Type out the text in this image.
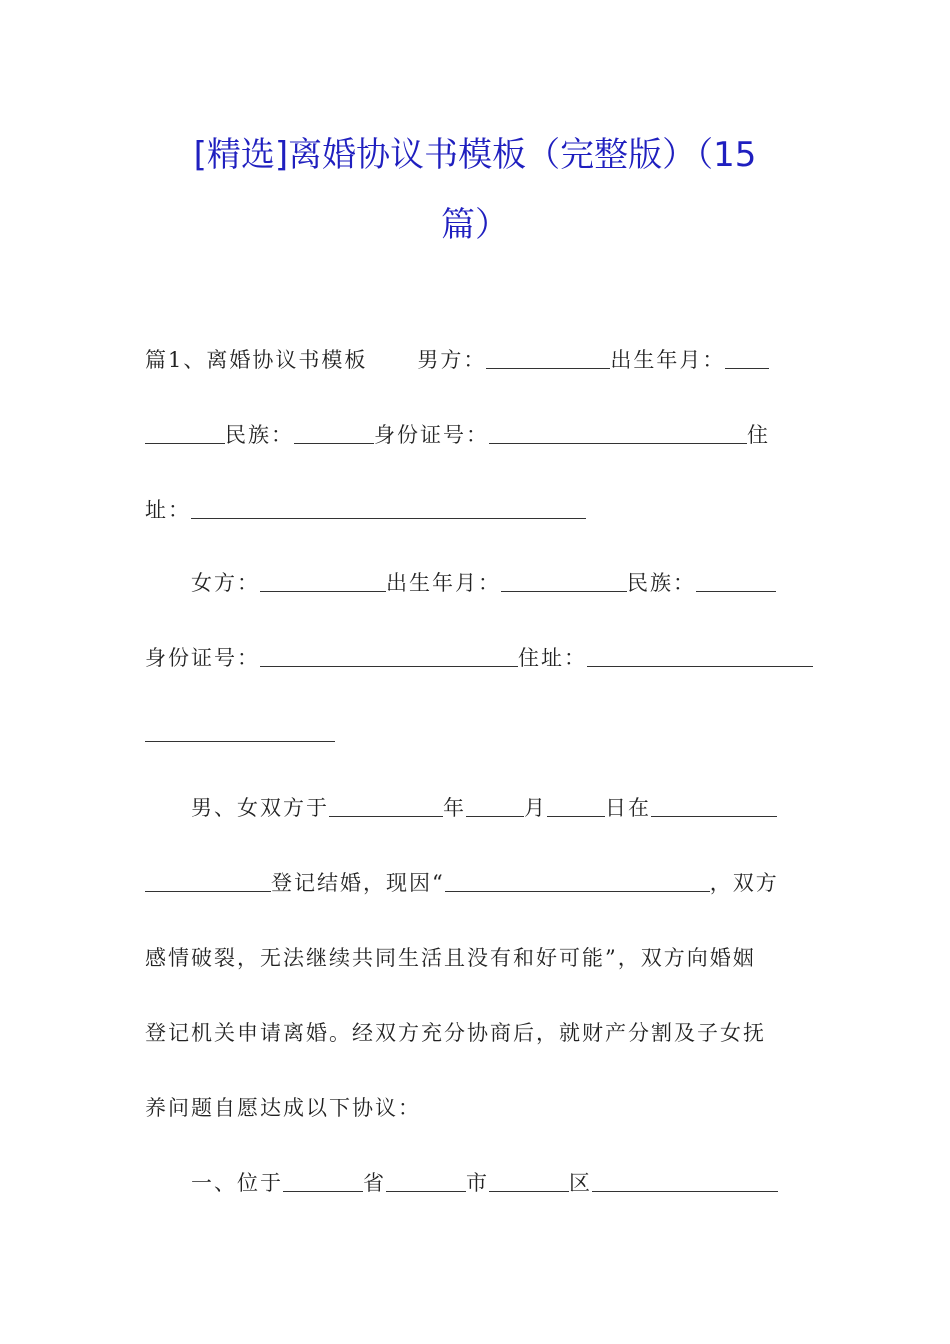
[精选]离婚协议书模板（完整版）（15
篇）
篇1、离婚协议书模板 男方：	出生年月：
民族：	身份证号：	住
址：
女方：	出生年月：	民族：
身份证号：	住址：
男、女双方于	年	月	日在
登记结婚，现因“	，双方
感情破裂，无法继续共同生活且没有和好可能”，双方向婚姻
登记机关申请离婚。经双方充分协商后，就财产分割及子女抚
养问题自愿达成以下协议：
一、位于	省	市	区
